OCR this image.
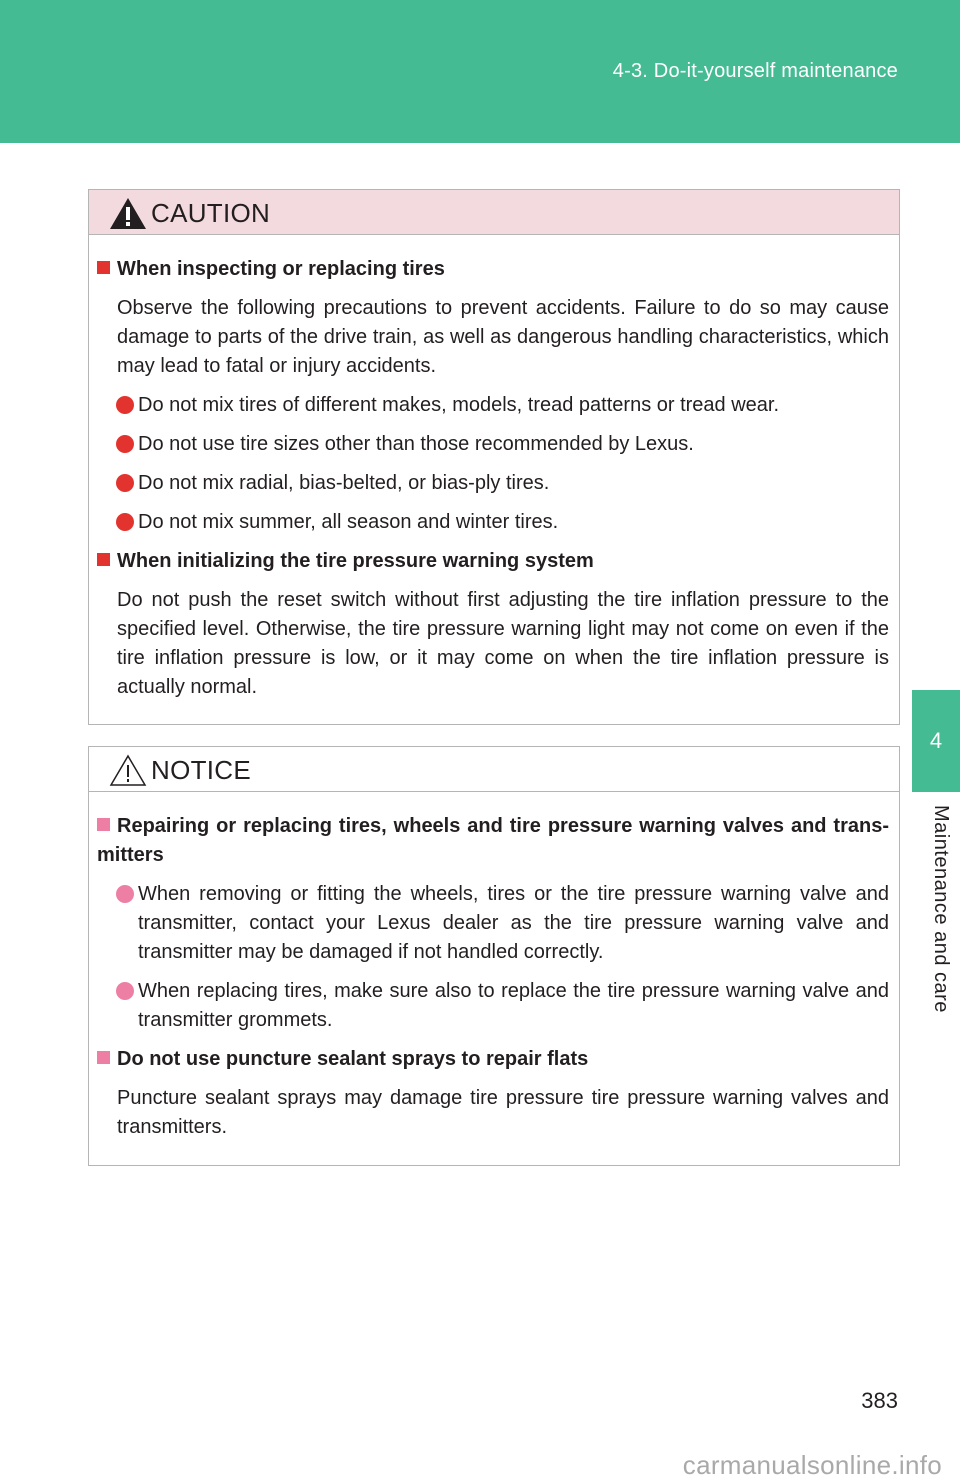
4-3. Do-it-yourself maintenance
4
Maintenance and care
CAUTION
When inspecting or replacing tires
Observe the following precautions to prevent accidents. Failure to do so may cause damage to parts of the drive train, as well as dangerous handling characteristics, which may lead to fatal or injury accidents.
Do not mix tires of different makes, models, tread patterns or tread wear.
Do not use tire sizes other than those recommended by Lexus.
Do not mix radial, bias-belted, or bias-ply tires.
Do not mix summer, all season and winter tires.
When initializing the tire pressure warning system
Do not push the reset switch without first adjusting the tire inflation pressure to the specified level. Otherwise, the tire pressure warning light may not come on even if the tire inflation pressure is low, or it may come on when the tire inflation pressure is actually normal.
NOTICE
Repairing or replacing tires, wheels and tire pressure warning valves and trans-mitters
When removing or fitting the wheels, tires or the tire pressure warning valve and transmitter, contact your Lexus dealer as the tire pressure warning valve and transmitter may be damaged if not handled correctly.
When replacing tires, make sure also to replace the tire pressure warning valve and transmitter grommets.
Do not use puncture sealant sprays to repair flats
Puncture sealant sprays may damage tire pressure tire pressure warning valves and transmitters.
383
carmanualsonline.info
